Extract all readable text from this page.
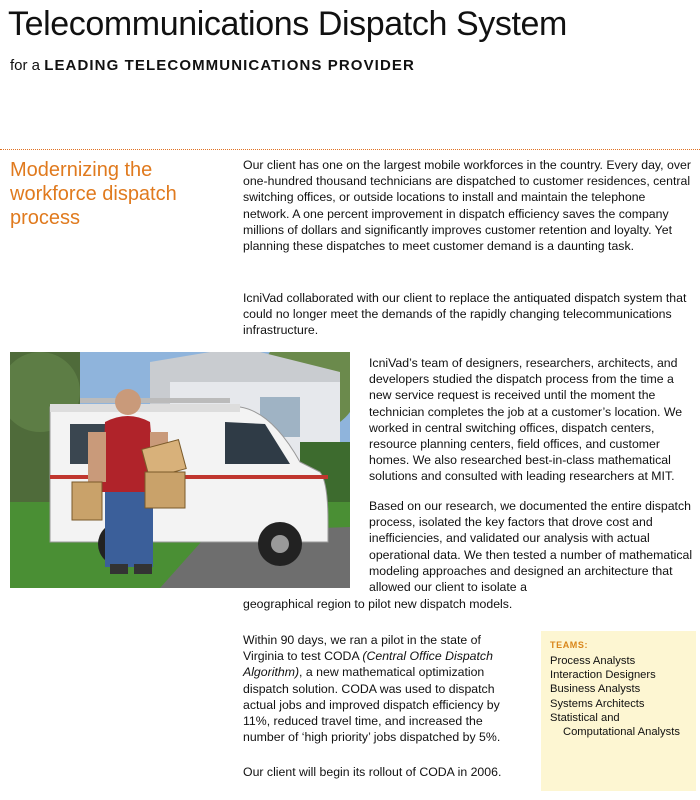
Telecommunications Dispatch System
for a LEADING TELECOMMUNICATIONS PROVIDER
Modernizing the workforce dispatch process

Our client has one on the largest mobile workforces in the country. Every day, over one-hundred thousand technicians are dispatched to customer residences, central switching offices, or outside locations to install and maintain the telephone network. A one percent improvement in dispatch efficiency saves the company millions of dollars and significantly improves customer retention and loyalty. Yet planning these dispatches to meet customer demand is a daunting task.

IcniVad collaborated with our client to replace the antiquated dispatch system that could no longer meet the demands of the rapidly changing telecommunications infrastructure.

IcniVad’s team of designers, researchers, architects, and developers studied the dispatch process from the time a new service request is received until the moment the technician completes the job at a customer’s location. We worked in central switching offices, dispatch centers, resource planning centers, field offices, and customer homes. We also researched best-in-class mathematical solutions and consulted with leading researchers at MIT.

Based on our research, we documented the entire dispatch process, isolated the key factors that drove cost and inefficiencies, and validated our analysis with actual operational data. We then tested a number of mathematical modeling approaches and designed an architecture that allowed our client to isolate a

geographical region to pilot new dispatch models.

Within 90 days, we ran a pilot in the state of Virginia to test CODA (Central Office Dispatch Algorithm), a new mathematical optimization dispatch solution. CODA was used to dispatch actual jobs and improved dispatch efficiency by 11%, reduced travel time, and increased the number of ‘high priority’ jobs dispatched by 5%.

Our client will begin its rollout of CODA in 2006.

TEAMS:
Process Analysts
Interaction Designers
Business Analysts
Systems Architects
Statistical and
Computational Analysts
